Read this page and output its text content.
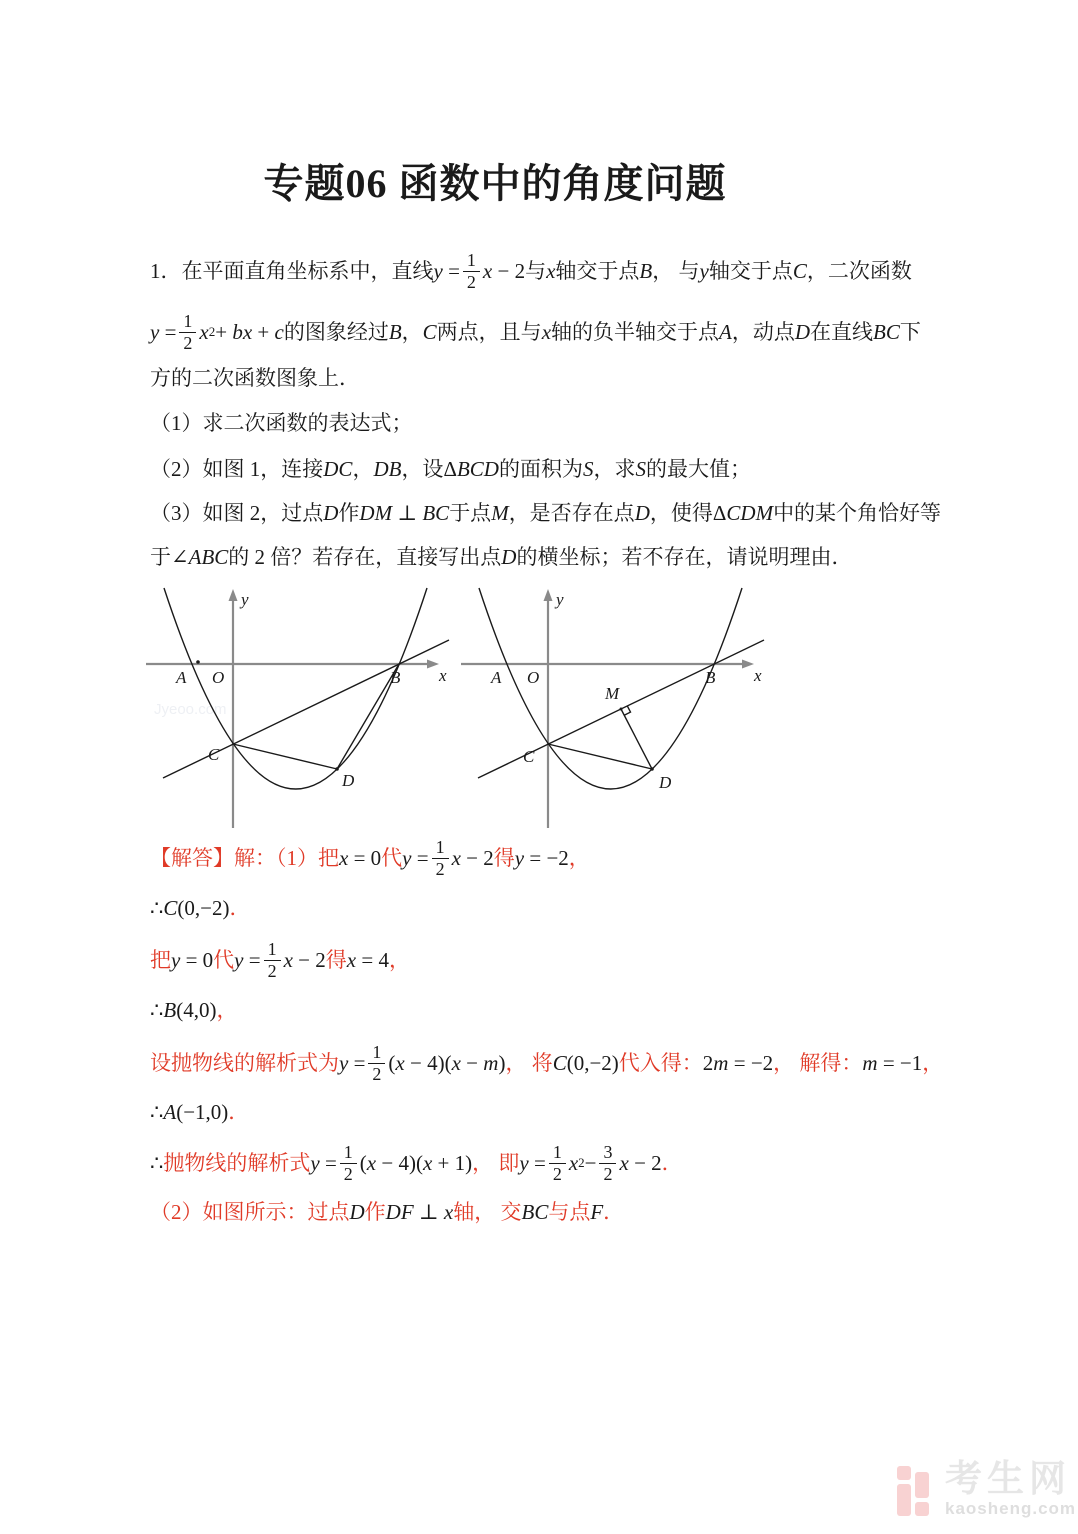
专题06 函数中的角度问题
1．在平面直角坐标系中，直线 $y = \frac{1}{2}$ x − 2 与 x 轴交于点 B ， 与 y 轴交于点 C ，二次函数
$y = \frac{1}{2}$ x 2 + bx + c 的图象经过 B ， C 两点，且与 x 轴的负半轴交于点 A ，动点 D 在直线 BC 下
方的二次函数图象上．
（1）求二次函数的表达式；
（2）如图 1，连接 DC ， DB ，设 ΔBCD 的面积为 S ，求 S 的最大值；
（3）如图 2，过点 D 作 DM ⊥ BC 于点 M ，是否存在点 D ，使得 ΔCDM 中的某个角恰好等
于 ∠ABC 的 2 倍？若存在，直接写出点 D 的横坐标；若不存在，请说明理由．
Jyeoo.com
y
x
A O	B
C
D
y
x
A O	B
C
D
M
【解答】解：（1）把 x = 0 代 $y = \frac{1}{2}$ x − 2 得 y = −2 ，
∴ C(0,−2) ．
把 y = 0 代 $y = \frac{1}{2}$ x − 2 得 x = 4 ，
∴ B(4,0) ，
设抛物线的解析式为 $y = \frac{1}{2} (x - 4)(x - m)$ ， 将 C(0,−2) 代入得： 2m = −2 ， 解得： m = −1 ，
∴ A(−1,0) ．
∴ 抛物线的解析式 $y = \frac{1}{2} (x - 4)(x + 1)$ ， 即 $y = \frac{1}{2}$ x $2 - \frac{3}{2}$ x − 2 ．
（2）如图所示：过点 D 作 DF ⊥ x 轴， 交 BC 与点 F ．
考生网
kaosheng.com
